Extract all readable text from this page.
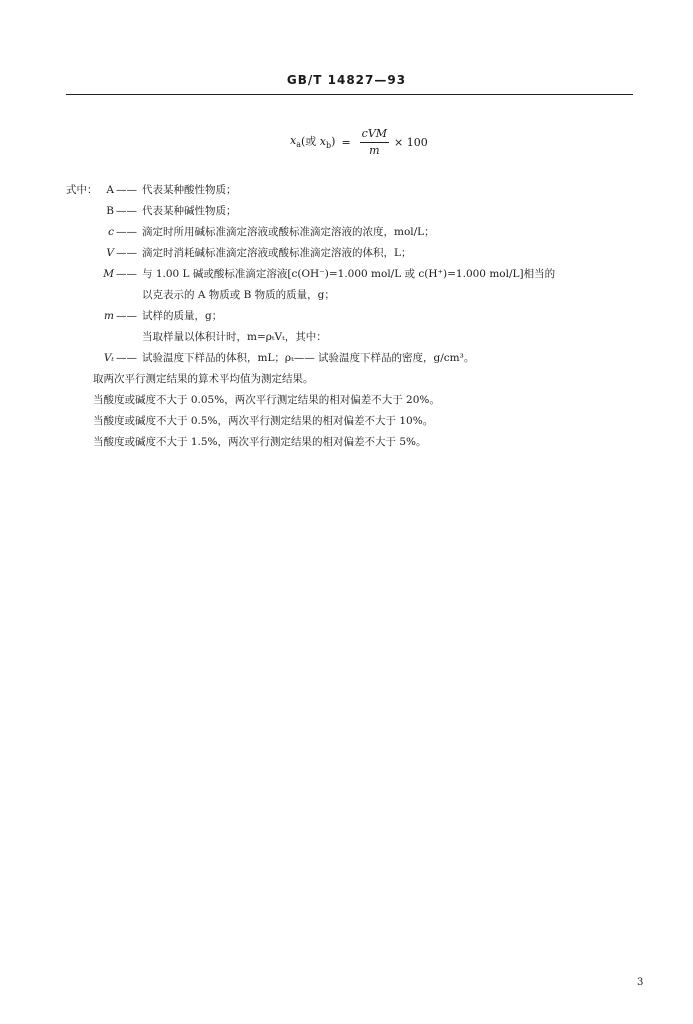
GB/T 14827—93
$x_a$ (或 $x_b) = \frac{\text{cVM}}{m} \times 100$
式中： A —— 代表某种酸性物质；
B —— 代表某种碱性物质；
c —— 滴定时所用碱标准滴定溶液或酸标准滴定溶液的浓度，mol/L；
V —— 滴定时消耗碱标准滴定溶液或酸标准滴定溶液的体积，L；
M —— 与 1.00 L 碱或酸标准滴定溶液[c(OH⁻)=1.000 mol/L 或 c(H⁺)=1.000 mol/L]相当的
以克表示的 A 物质或 B 物质的质量，g；
m —— 试样的质量，g；
当取样量以体积计时，m=ρₜVₜ，其中：
Vₜ —— 试验温度下样品的体积，mL；ρₜ—— 试验温度下样品的密度，g/cm³。
取两次平行测定结果的算术平均值为测定结果。
当酸度或碱度不大于 0.05%，两次平行测定结果的相对偏差不大于 20%。
当酸度或碱度不大于 0.5%，两次平行测定结果的相对偏差不大于 10%。
当酸度或碱度不大于 1.5%，两次平行测定结果的相对偏差不大于 5%。
3
